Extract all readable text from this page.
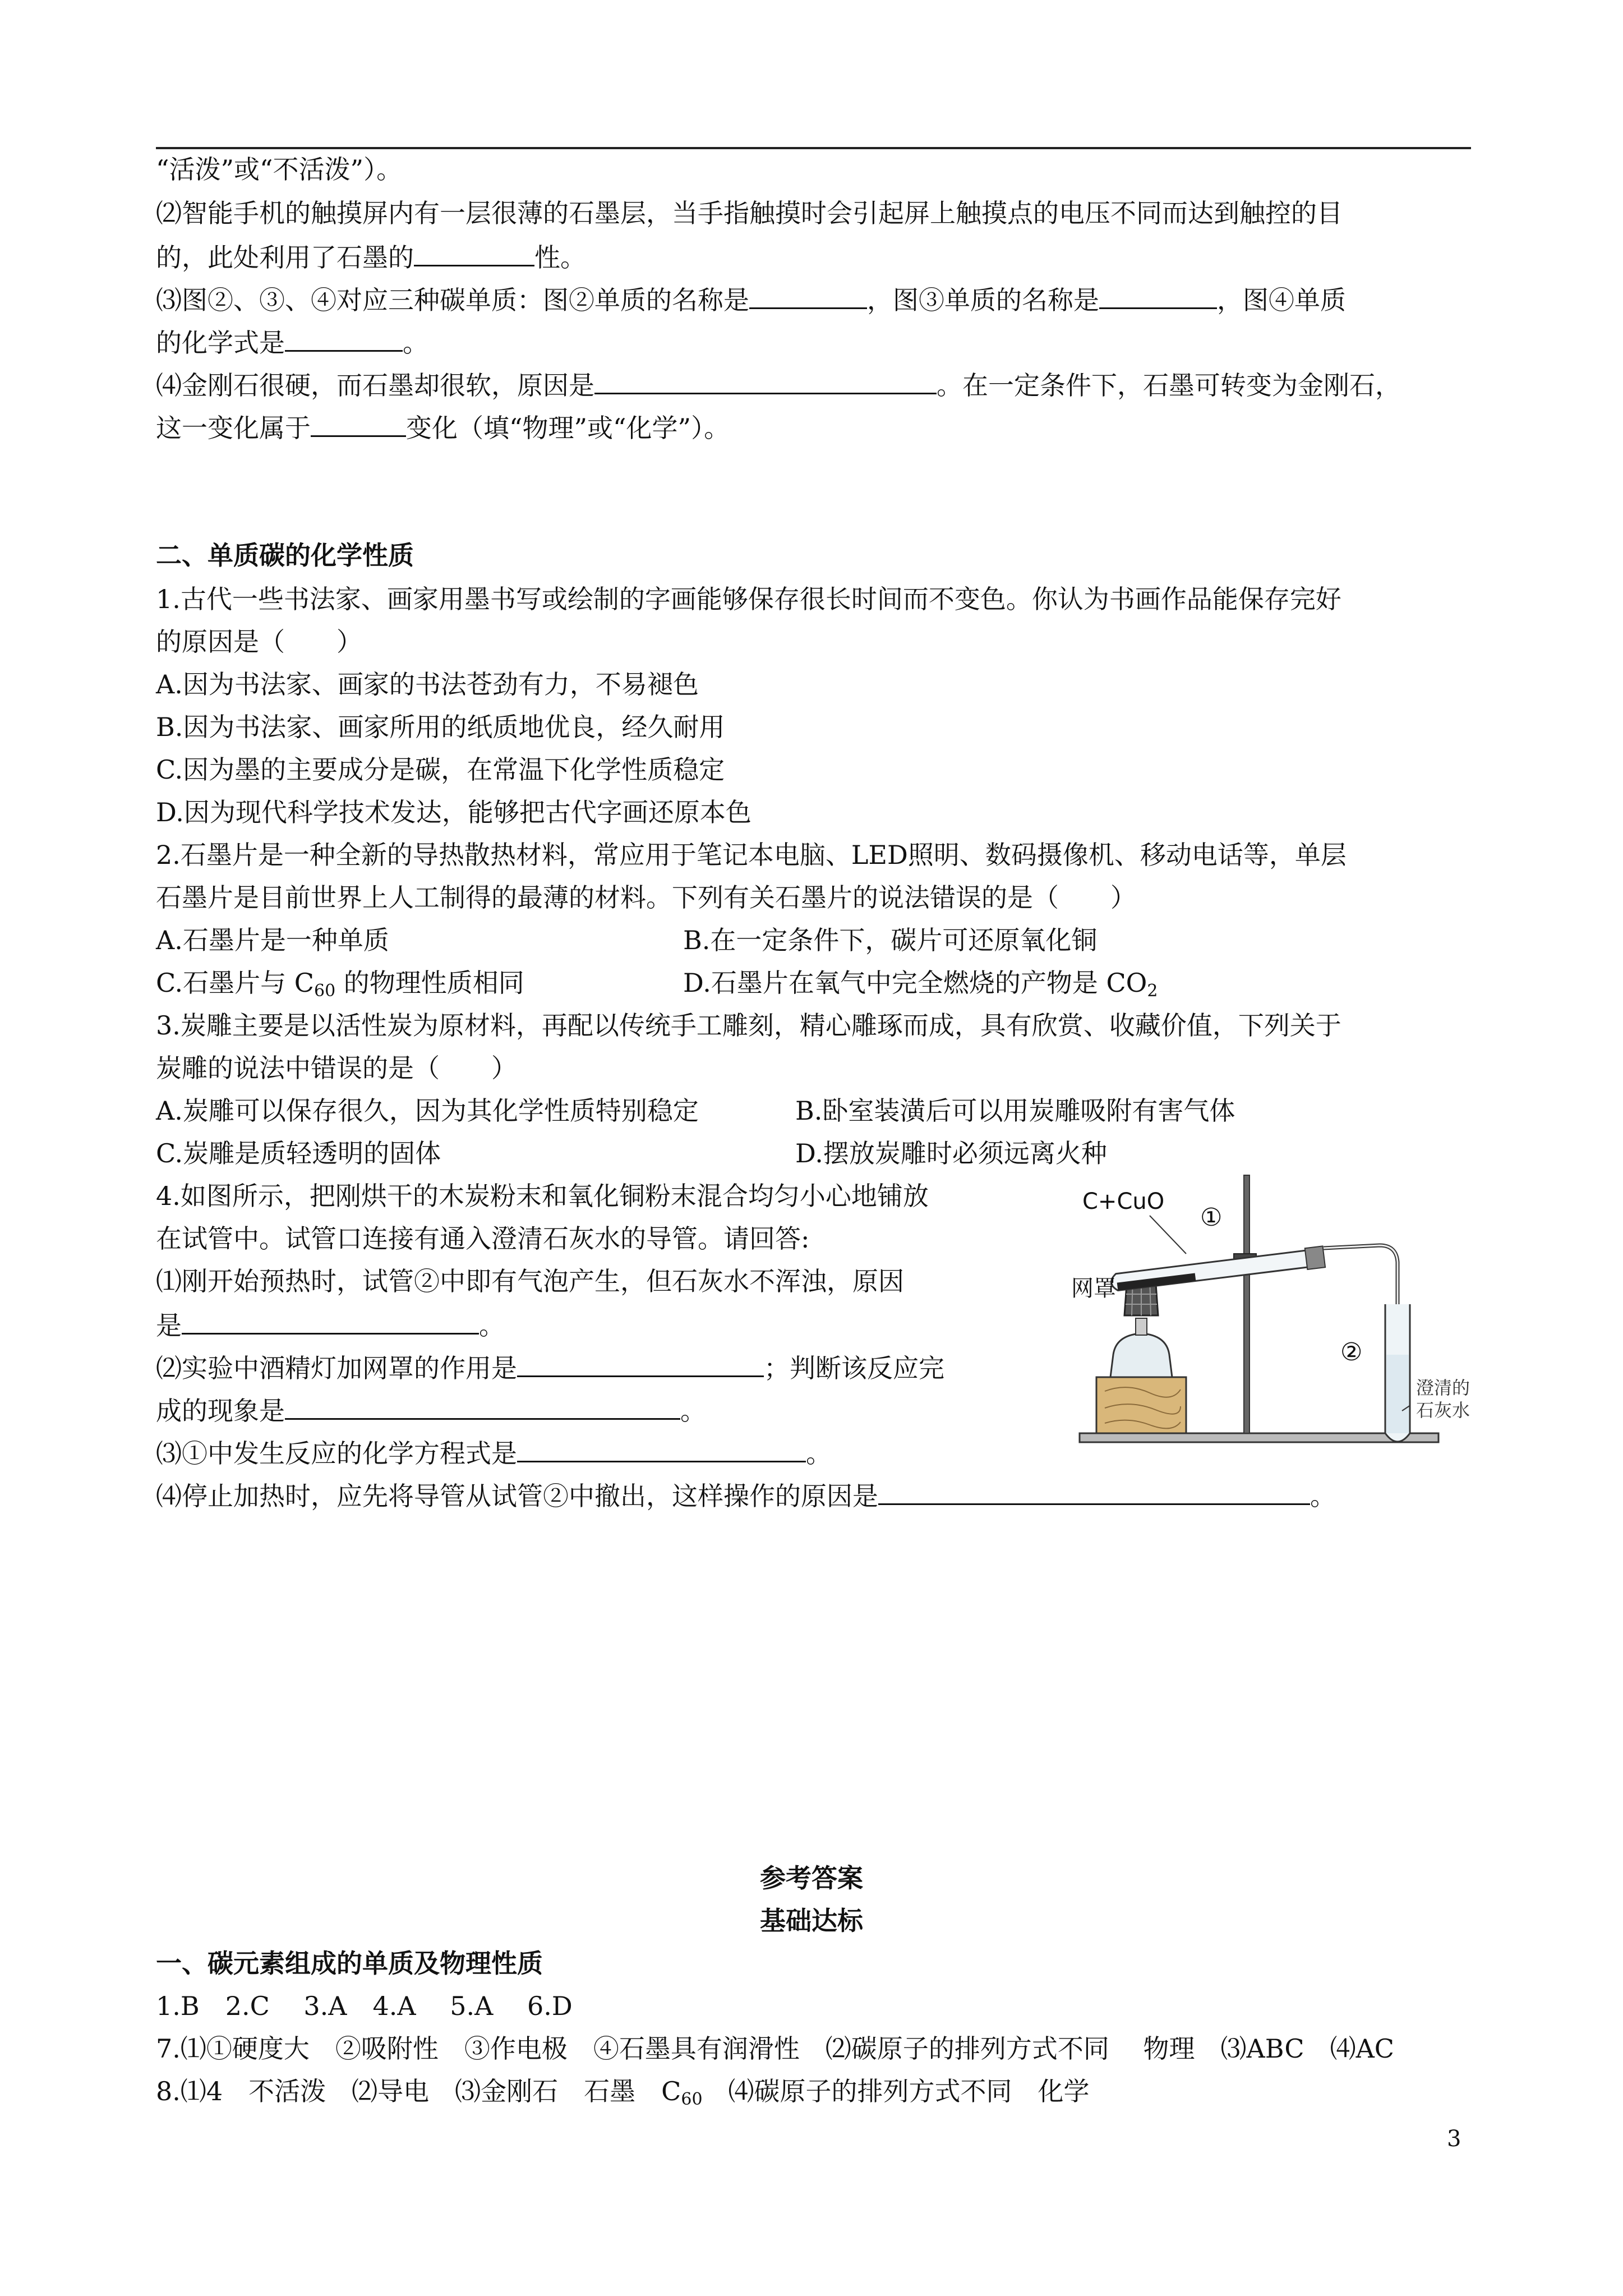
“活泼”或“不活泼”）。
⑵智能手机的触摸屏内有一层很薄的石墨层，当手指触摸时会引起屏上触摸点的电压不同而达到触控的目
的，此处利用了石墨的	性。
⑶图②、③、④对应三种碳单质：图②单质的名称是	，图③单质的名称是	，图④单质
的化学式是	。
⑷金刚石很硬，而石墨却很软，原因是	。在一定条件下，石墨可转变为金刚石，
这一变化属于	变化（填“物理”或“化学”）。
二、单质碳的化学性质
1.古代一些书法家、画家用墨书写或绘制的字画能够保存很长时间而不变色。你认为书画作品能保存完好
的原因是（　　）
A.因为书法家、画家的书法苍劲有力，不易褪色
B.因为书法家、画家所用的纸质地优良，经久耐用
C.因为墨的主要成分是碳，在常温下化学性质稳定
D.因为现代科学技术发达，能够把古代字画还原本色
2.石墨片是一种全新的导热散热材料，常应用于笔记本电脑、LED照明、数码摄像机、移动电话等，单层
石墨片是目前世界上人工制得的最薄的材料。下列有关石墨片的说法错误的是（　　）
A.石墨片是一种单质	B.在一定条件下，碳片可还原氧化铜
C.石墨片与 $C_{60}$ 的物理性质相同	D.石墨片在氧气中完全燃烧的产物是 $CO_2$
3.炭雕主要是以活性炭为原材料，再配以传统手工雕刻，精心雕琢而成，具有欣赏、收藏价值，下列关于
炭雕的说法中错误的是（　　）
A.炭雕可以保存很久，因为其化学性质特别稳定	B.卧室装潢后可以用炭雕吸附有害气体
C.炭雕是质轻透明的固体	D.摆放炭雕时必须远离火种
4.如图所示，把刚烘干的木炭粉末和氧化铜粉末混合均匀小心地铺放
在试管中。试管口连接有通入澄清石灰水的导管。请回答:
⑴刚开始预热时，试管②中即有气泡产生，但石灰水不浑浊，原因
是	。
⑵实验中酒精灯加网罩的作用是	；判断该反应完
成的现象是	。
⑶①中发生反应的化学方程式是	。
⑷停止加热时，应先将导管从试管②中撤出，这样操作的原因是	。
C+CuO
①
网罩
②
澄清的
石灰水
参考答案
基础达标
一、碳元素组成的单质及物理性质
1.B　2.C　 3.A　4.A　 5.A　 6.D
7.⑴①硬度大　②吸附性　③作电极　④石墨具有润滑性　⑵碳原子的排列方式不同　 物理　⑶ABC　⑷AC
8.⑴4　不活泼　⑵导电　⑶金刚石　石墨　$C_{60}$　⑷碳原子的排列方式不同　化学
3
